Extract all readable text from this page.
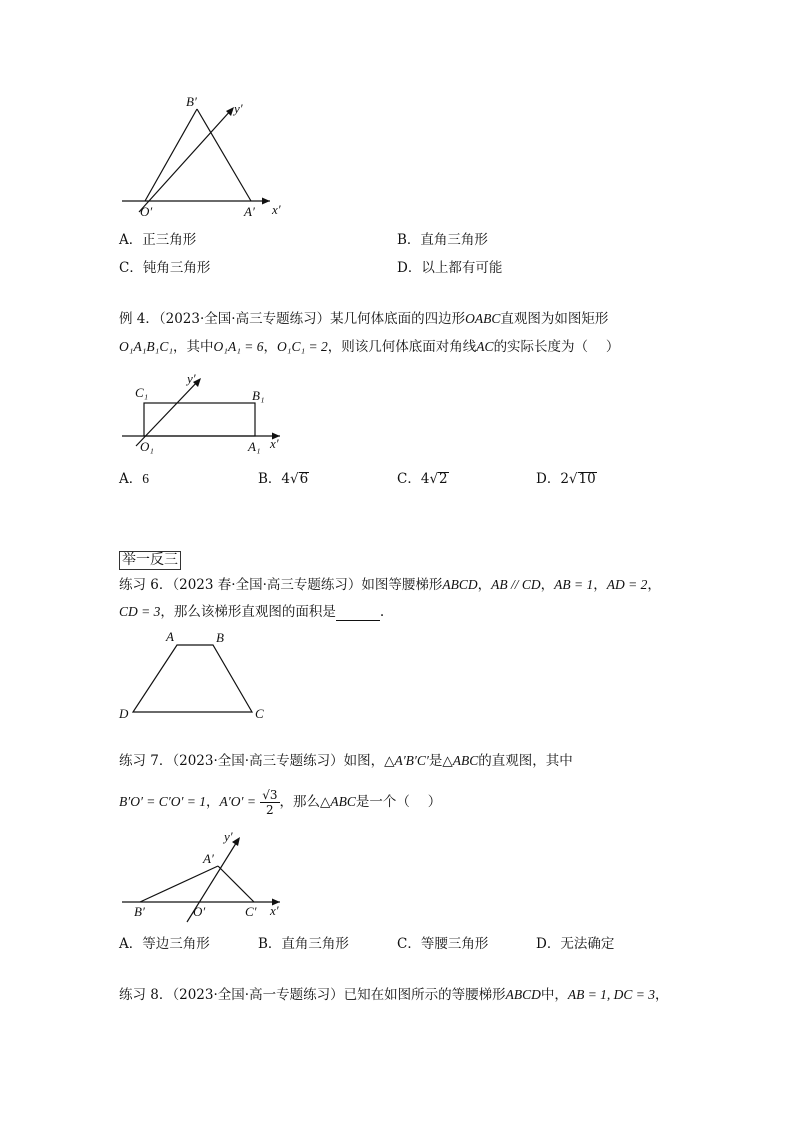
B′	y′
O′	A′ x′
A．正三角形	B．直角三角形
C．钝角三角形	D．以上都有可能
例 4．（2023·全国·高三专题练习）某几何体底面的四边形OABC直观图为如图矩形
O₁A₁B₁C₁，其中O₁A₁ = 6，O₁C₁ = 2，则该几何体底面对角线AC的实际长度为（　 ）
C₁
y′
B₁
O₁	A₁ x′
A．6	B．4√6	C．4√2	D．2√10
举一反三
练习 6．（2023 春·全国·高三专题练习）如图等腰梯形ABCD，AB // CD，AB = 1，AD = 2，
CD = 3，那么该梯形直观图的面积是	.
A	B
D	C
练习 7．（2023·全国·高三专题练习）如图，△A′B′C′是△ABC的直观图，其中
B′O′ = C′O′ = 1，$A'O' = \frac{√3}{2}$ ，那么△ABC是一个（　 ）
y′
A′
B′	O′	C′ x′
A．等边三角形	B．直角三角形	C．等腰三角形	D．无法确定
练习 8．（2023·全国·高一专题练习）已知在如图所示的等腰梯形ABCD中，AB = 1, DC = 3，
